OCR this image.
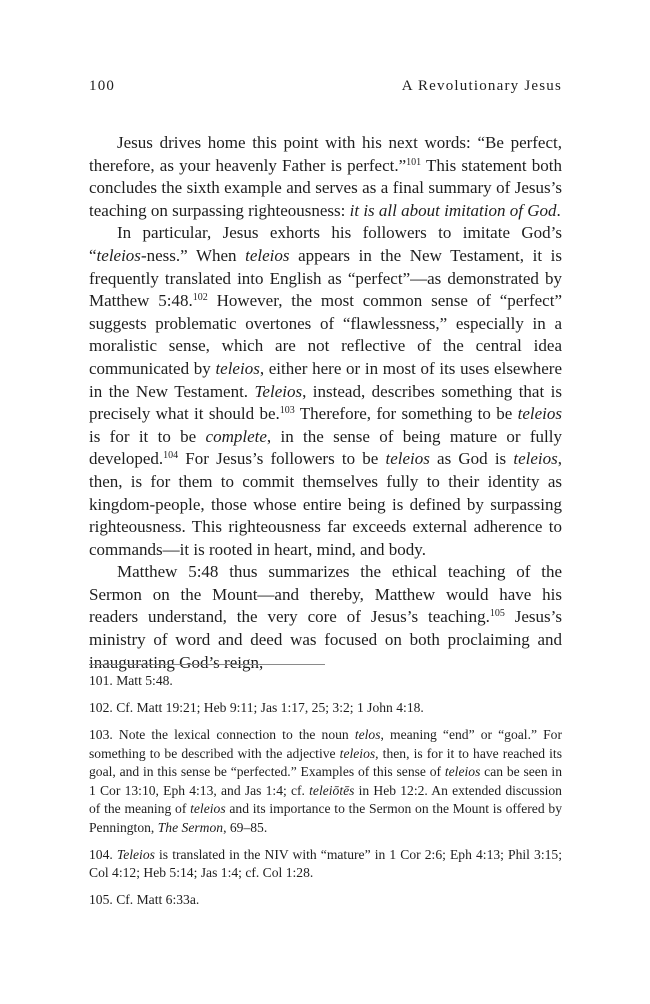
100	A Revolutionary Jesus

Jesus drives home this point with his next words: “Be perfect, therefore, as your heavenly Father is perfect.”$^{101}$ This statement both concludes the sixth example and serves as a final summary of Jesus’s teaching on surpassing righteousness: it is all about imitation of God.

In particular, Jesus exhorts his followers to imitate God’s “teleios-ness.” When teleios appears in the New Testament, it is frequently translated into English as “perfect”—as demonstrated by Matthew 5:48.$^{102}$ However, the most common sense of “perfect” suggests problematic overtones of “flawlessness,” especially in a moralistic sense, which are not reflective of the central idea communicated by teleios, either here or in most of its uses elsewhere in the New Testament. Teleios, instead, describes something that is precisely what it should be.$^{103}$ Therefore, for something to be teleios is for it to be complete, in the sense of being mature or fully developed.$^{104}$ For Jesus’s followers to be teleios as God is teleios, then, is for them to commit themselves fully to their identity as kingdom-people, those whose entire being is defined by surpassing righteousness. This righteousness far exceeds external adherence to commands—it is rooted in heart, mind, and body.

Matthew 5:48 thus summarizes the ethical teaching of the Sermon on the Mount—and thereby, Matthew would have his readers understand, the very core of Jesus’s teaching.$^{105}$ Jesus’s ministry of word and deed was focused on both proclaiming and inaugurating God’s reign,

101. Matt 5:48.

102. Cf. Matt 19:21; Heb 9:11; Jas 1:17, 25; 3:2; 1 John 4:18.

103. Note the lexical connection to the noun telos, meaning “end” or “goal.” For something to be described with the adjective teleios, then, is for it to have reached its goal, and in this sense be “perfected.” Examples of this sense of teleios can be seen in 1 Cor 13:10, Eph 4:13, and Jas 1:4; cf. teleiōtēs in Heb 12:2. An extended discussion of the meaning of teleios and its importance to the Sermon on the Mount is offered by Pennington, The Sermon, 69–85.

104. Teleios is translated in the NIV with “mature” in 1 Cor 2:6; Eph 4:13; Phil 3:15; Col 4:12; Heb 5:14; Jas 1:4; cf. Col 1:28.

105. Cf. Matt 6:33a.
